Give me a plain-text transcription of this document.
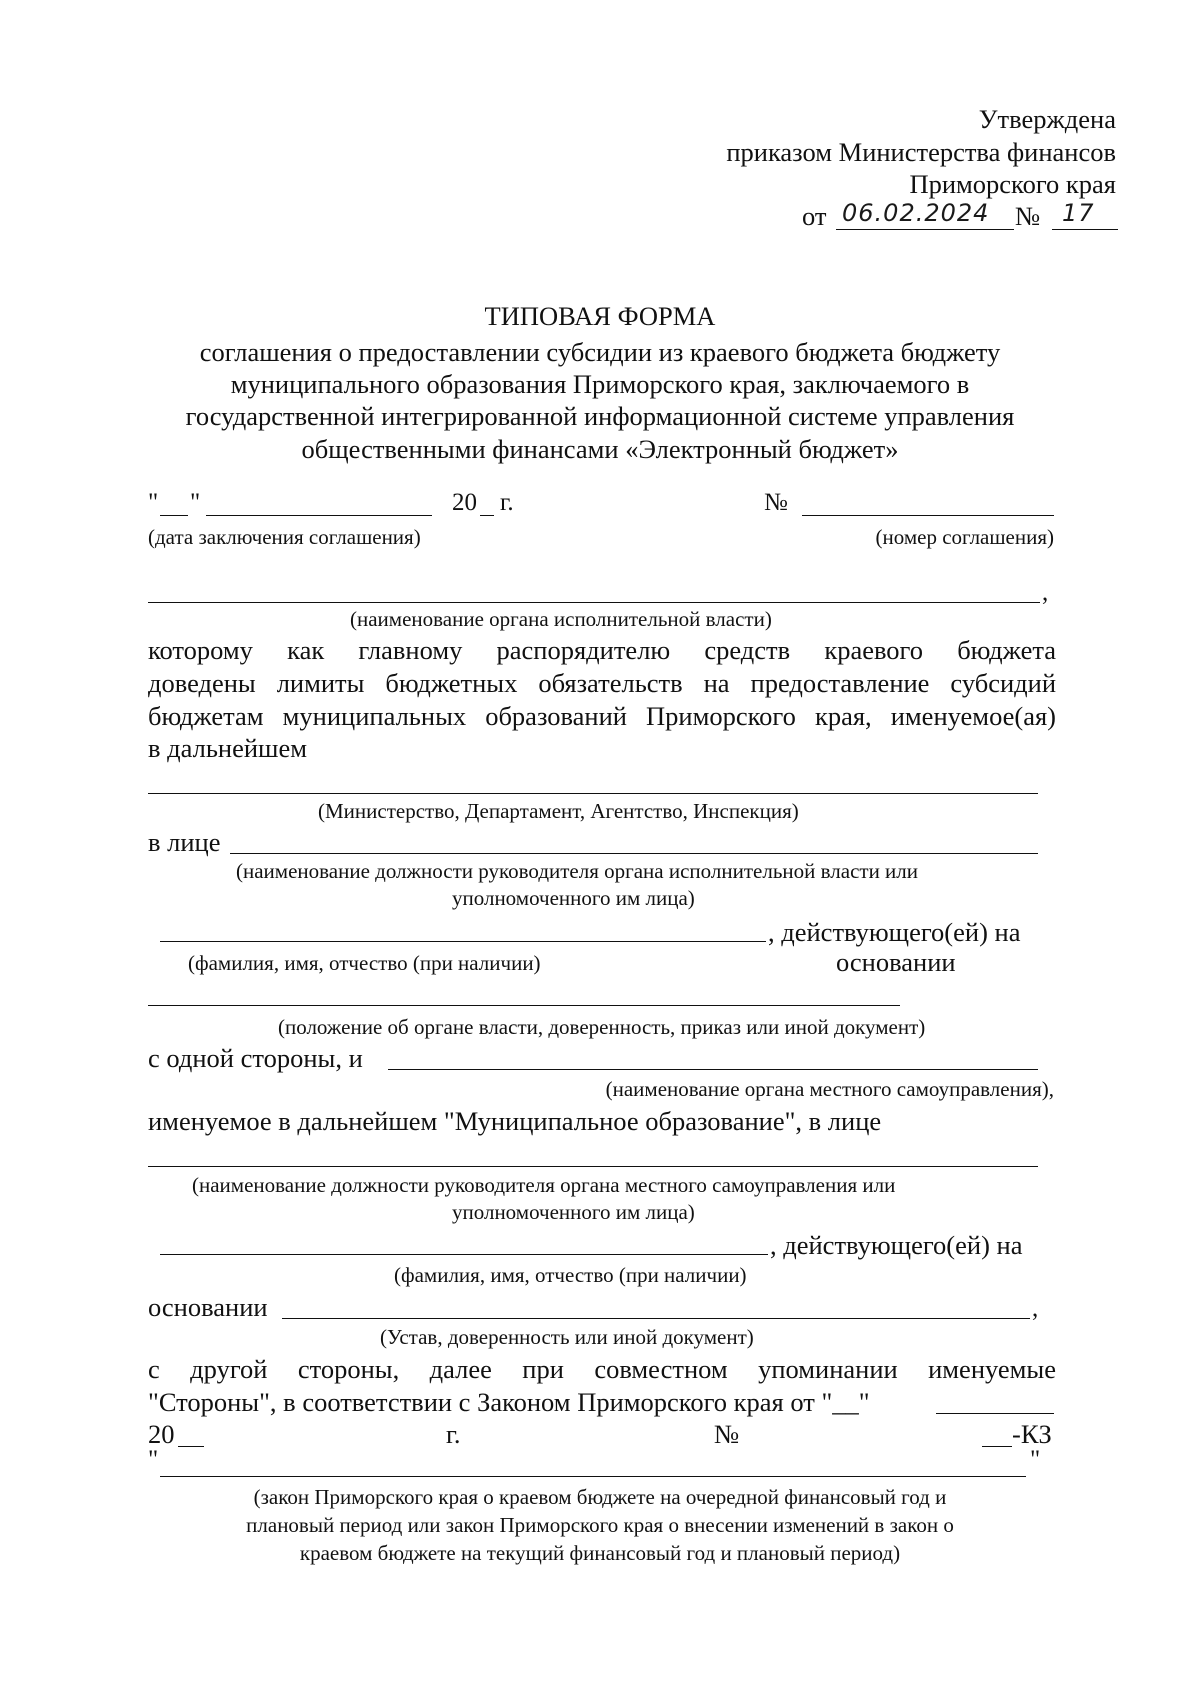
Утверждена
приказом Министерства финансов
Приморского края
от 06.02.2024 № 17
ТИПОВАЯ ФОРМА
соглашения о предоставлении субсидии из краевого бюджета бюджету
муниципального образования Приморского края, заключаемого в
государственной интегрированной информационной системе управления
общественными финансами «Электронный бюджет»
" "	20 г.	№
(дата заключения соглашения)	(номер соглашения)
,
(наименование органа исполнительной власти)
которому как главному распорядителю средств краевого бюджета
доведены лимиты бюджетных обязательств на предоставление субсидий
бюджетам муниципальных образований Приморского края, именуемое(ая)
в дальнейшем
(Министерство, Департамент, Агентство, Инспекция)
в лице
(наименование должности руководителя органа исполнительной власти или
уполномоченного им лица)
, действующего(ей) на
(фамилия, имя, отчество (при наличии)	основании
(положение об органе власти, доверенность, приказ или иной документ)
с одной стороны, и
(наименование органа местного самоуправления),
именуемое в дальнейшем "Муниципальное образование", в лице
(наименование должности руководителя органа местного самоуправления или
уполномоченного им лица)
, действующего(ей) на
(фамилия, имя, отчество (при наличии)
основании	,
(Устав, доверенность или иной документ)
с другой стороны, далее при совместном упоминании именуемые
"Стороны", в соответствии с Законом Приморского края от "__"
20	г.	№	-КЗ
"	"
(закон Приморского края о краевом бюджете на очередной финансовый год и
плановый период или закон Приморского края о внесении изменений в закон о
краевом бюджете на текущий финансовый год и плановый период)
